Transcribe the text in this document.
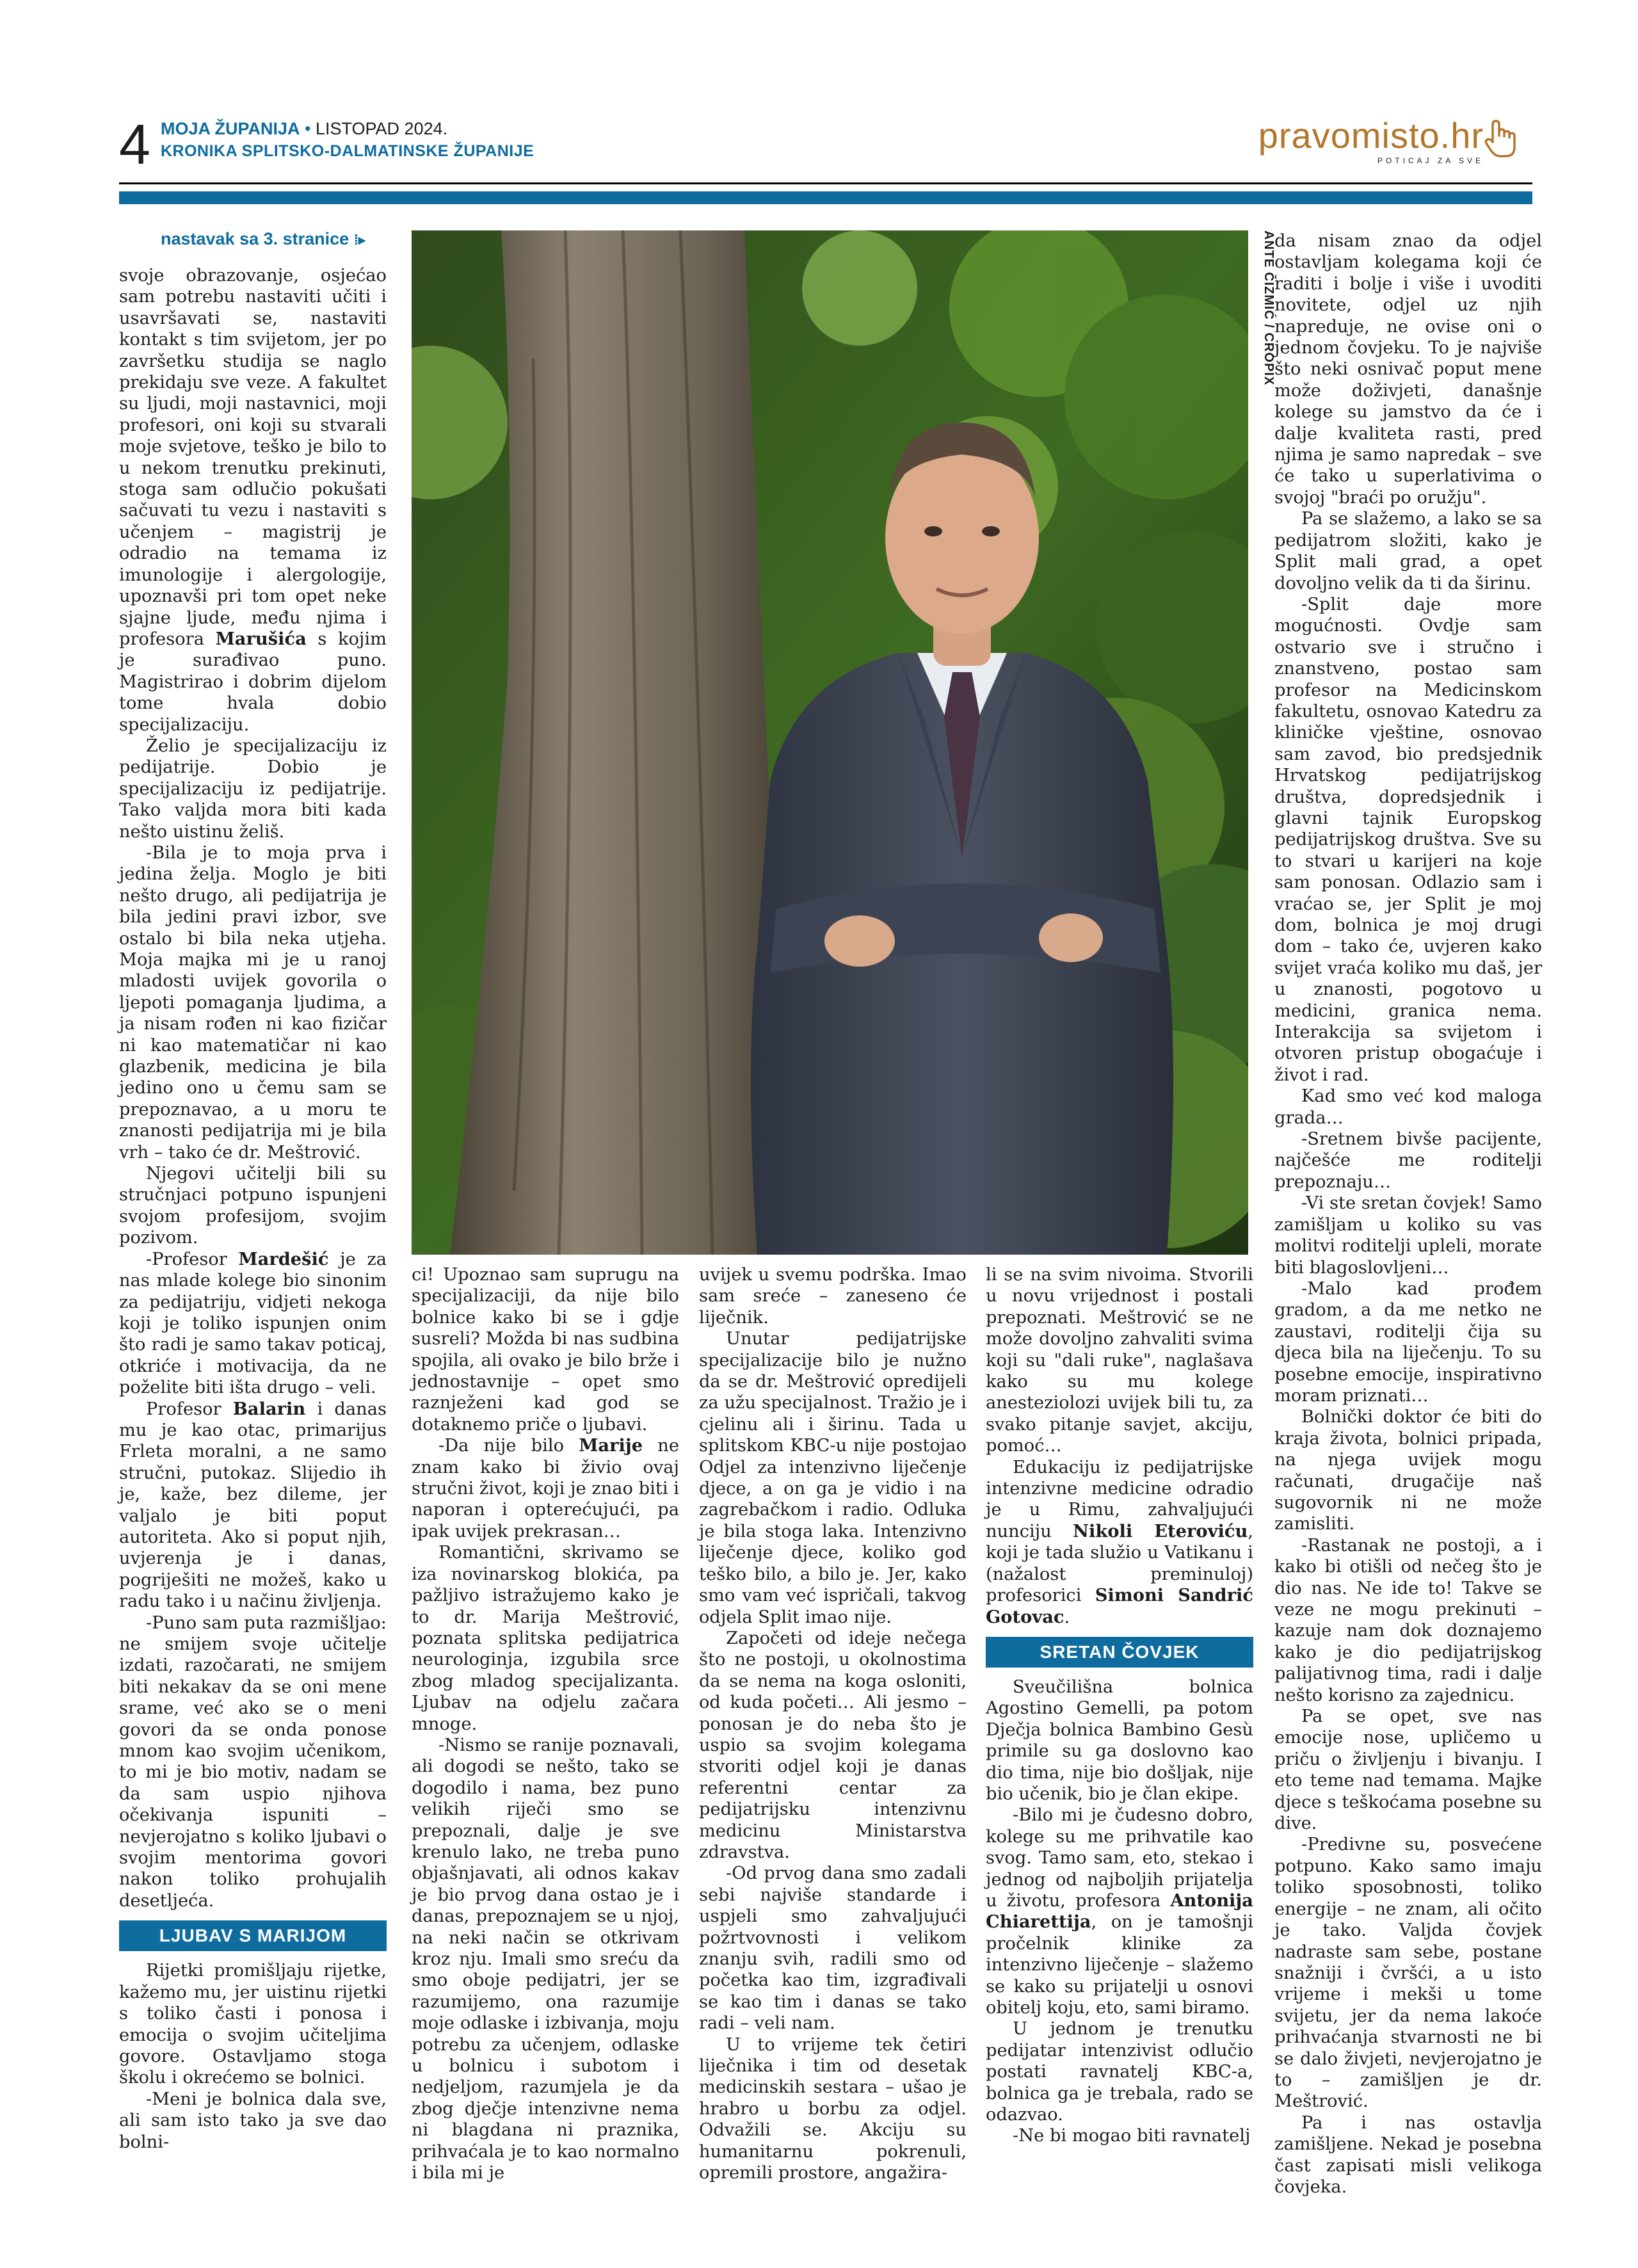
4 MOJA ŽUPANIJA • LISTOPAD 2024.
KRONIKA SPLITSKO-DALMATINSKE ŽUPANIJE	pravomisto.hr
POTICAJ ZA SVE
nastavak sa 3. stranice ⁞▸	ANTE ČIZMIĆ / CROPIX

svoje obrazovanje, osjećao sam potrebu nastaviti učiti i usavršavati se, nastaviti kontakt s tim svijetom, jer po završetku studija se naglo prekidaju sve veze. A fakultet su ljudi, moji nastavnici, moji profesori, oni koji su stvarali moje svjetove, teško je bilo to u nekom trenutku prekinuti, stoga sam odlučio pokušati sačuvati tu vezu i nastaviti s učenjem – magistrij je odradio na temama iz imunologije i alergologije, upoznavši pri tom opet neke sjajne ljude, među njima i profesora Marušića s kojim je surađivao puno. Magistrirao i dobrim dijelom tome hvala dobio specijalizaciju.

Želio je specijalizaciju iz pedijatrije. Dobio je specijalizaciju iz pedijatrije. Tako valjda mora biti kada nešto uistinu želiš.

-Bila je to moja prva i jedina želja. Moglo je biti nešto drugo, ali pedijatrija je bila jedini pravi izbor, sve ostalo bi bila neka utjeha. Moja majka mi je u ranoj mladosti uvijek govorila o ljepoti pomaganja ljudima, a ja nisam rođen ni kao fizičar ni kao matematičar ni kao glazbenik, medicina je bila jedino ono u čemu sam se prepoznavao, a u moru te znanosti pedijatrija mi je bila vrh – tako će dr. Meštrović.

Njegovi učitelji bili su stručnjaci potpuno ispunjeni svojom profesijom, svojim pozivom.

-Profesor Mardešić je za nas mlade kolege bio sinonim za pedijatriju, vidjeti nekoga koji je toliko ispunjen onim što radi je samo takav poticaj, otkriće i motivacija, da ne poželite biti išta drugo – veli.

Profesor Balarin i danas mu je kao otac, primarijus Frleta moralni, a ne samo stručni, putokaz. Slijedio ih je, kaže, bez dileme, jer valjalo je biti poput autoriteta. Ako si poput njih, uvjerenja je i danas, pogriješiti ne možeš, kako u radu tako i u načinu življenja.

-Puno sam puta razmišljao: ne smijem svoje učitelje izdati, razočarati, ne smijem biti nekakav da se oni mene srame, već ako se o meni govori da se onda ponose mnom kao svojim učenikom, to mi je bio motiv, nadam se da sam uspio njihova očekivanja ispuniti – nevjerojatno s koliko ljubavi o svojim mentorima govori nakon toliko prohujalih desetljeća.

LJUBAV S MARIJOM

Rijetki promišljaju rijetke, kažemo mu, jer uistinu rijetki s toliko časti i ponosa i emocija o svojim učiteljima govore. Ostavljamo stoga školu i okrećemo se bolnici.

-Meni je bolnica dala sve, ali sam isto tako ja sve dao bolni-

ci! Upoznao sam suprugu na specijalizaciji, da nije bilo bolnice kako bi se i gdje susreli? Možda bi nas sudbina spojila, ali ovako je bilo brže i jednostavnije – opet smo raznježeni kad god se dotaknemo priče o ljubavi.

-Da nije bilo Marije ne znam kako bi živio ovaj stručni život, koji je znao biti i naporan i opterećujući, pa ipak uvijek prekrasan…

Romantični, skrivamo se iza novinarskog blokića, pa pažljivo istražujemo kako je to dr. Marija Meštrović, poznata splitska pedijatrica neurologinja, izgubila srce zbog mladog specijalizanta. Ljubav na odjelu začara mnoge.

-Nismo se ranije poznavali, ali dogodi se nešto, tako se dogodilo i nama, bez puno velikih riječi smo se prepoznali, dalje je sve krenulo lako, ne treba puno objašnjavati, ali odnos kakav je bio prvog dana ostao je i danas, prepoznajem se u njoj, na neki način se otkrivam kroz nju. Imali smo sreću da smo oboje pedijatri, jer se razumijemo, ona razumije moje odlaske i izbivanja, moju potrebu za učenjem, odlaske u bolnicu i subotom i nedjeljom, razumjela je da zbog dječje intenzivne nema ni blagdana ni praznika, prihvaćala je to kao normalno i bila mi je

uvijek u svemu podrška. Imao sam sreće – zaneseno će liječnik.

Unutar pedijatrijske specijalizacije bilo je nužno da se dr. Meštrović opredijeli za užu specijalnost. Tražio je i cjelinu ali i širinu. Tada u splitskom KBC-u nije postojao Odjel za intenzivno liječenje djece, a on ga je vidio i na zagrebačkom i radio. Odluka je bila stoga laka. Intenzivno liječenje djece, koliko god teško bilo, a bilo je. Jer, kako smo vam već ispričali, takvog odjela Split imao nije.

Započeti od ideje nečega što ne postoji, u okolnostima da se nema na koga osloniti, od kuda početi… Ali jesmo – ponosan je do neba što je uspio sa svojim kolegama stvoriti odjel koji je danas referentni centar za pedijatrijsku intenzivnu medicinu Ministarstva zdravstva.

-Od prvog dana smo zadali sebi najviše standarde i uspjeli smo zahvaljujući požrtvovnosti i velikom znanju svih, radili smo od početka kao tim, izgrađivali se kao tim i danas se tako radi – veli nam.

U to vrijeme tek četiri liječnika i tim od desetak medicinskih sestara – ušao je hrabro u borbu za odjel. Odvažili se. Akciju su humanitarnu pokrenuli, opremili prostore, angažira-

li se na svim nivoima. Stvorili u novu vrijednost i postali prepoznati. Meštrović se ne može dovoljno zahvaliti svima koji su "dali ruke", naglašava kako su mu kolege anesteziolozi uvijek bili tu, za svako pitanje savjet, akciju, pomoć…

Edukaciju iz pedijatrijske intenzivne medicine odradio je u Rimu, zahvaljujući nunciju Nikoli Eteroviću, koji je tada služio u Vatikanu i (nažalost preminuloj) profesorici Simoni Sandrić Gotovac.

SRETAN ČOVJEK

Sveučilišna bolnica Agostino Gemelli, pa potom Dječja bolnica Bambino Gesù primile su ga doslovno kao dio tima, nije bio došljak, nije bio učenik, bio je član ekipe.

-Bilo mi je čudesno dobro, kolege su me prihvatile kao svog. Tamo sam, eto, stekao i jednog od najboljih prijatelja u životu, profesora Antonija Chiarettija, on je tamošnji pročelnik klinike za intenzivno liječenje – slažemo se kako su prijatelji u osnovi obitelj koju, eto, sami biramo.

U jednom je trenutku pedijatar intenzivist odlučio postati ravnatelj KBC-a, bolnica ga je trebala, rado se odazvao.

-Ne bi mogao biti ravnatelj

da nisam znao da odjel ostavljam kolegama koji će raditi i bolje i više i uvoditi novitete, odjel uz njih napreduje, ne ovise oni o jednom čovjeku. To je najviše što neki osnivač poput mene može doživjeti, današnje kolege su jamstvo da će i dalje kvaliteta rasti, pred njima je samo napredak – sve će tako u superlativima o svojoj "braći po oružju".

Pa se slažemo, a lako se sa pedijatrom složiti, kako je Split mali grad, a opet dovoljno velik da ti da širinu.

-Split daje more mogućnosti. Ovdje sam ostvario sve i stručno i znanstveno, postao sam profesor na Medicinskom fakultetu, osnovao Katedru za kliničke vještine, osnovao sam zavod, bio predsjednik Hrvatskog pedijatrijskog društva, dopredsjednik i glavni tajnik Europskog pedijatrijskog društva. Sve su to stvari u karijeri na koje sam ponosan. Odlazio sam i vraćao se, jer Split je moj dom, bolnica je moj drugi dom – tako će, uvjeren kako svijet vraća koliko mu daš, jer u znanosti, pogotovo u medicini, granica nema. Interakcija sa svijetom i otvoren pristup obogaćuje i život i rad.

Kad smo već kod maloga grada…

-Sretnem bivše pacijente, najčešće me roditelji prepoznaju…

-Vi ste sretan čovjek! Samo zamišljam u koliko su vas molitvi roditelji upleli, morate biti blagoslovljeni…

-Malo kad prođem gradom, a da me netko ne zaustavi, roditelji čija su djeca bila na liječenju. To su posebne emocije, inspirativno moram priznati…

Bolnički doktor će biti do kraja života, bolnici pripada, na njega uvijek mogu računati, drugačije naš sugovornik ni ne može zamisliti.

-Rastanak ne postoji, a i kako bi otišli od nečeg što je dio nas. Ne ide to! Takve se veze ne mogu prekinuti – kazuje nam dok doznajemo kako je dio pedijatrijskog palijativnog tima, radi i dalje nešto korisno za zajednicu.

Pa se opet, sve nas emocije nose, upličemo u priču o življenju i bivanju. I eto teme nad temama. Majke djece s teškoćama posebne su dive.

-Predivne su, posvećene potpuno. Kako samo imaju toliko sposobnosti, toliko energije – ne znam, ali očito je tako. Valjda čovjek nadraste sam sebe, postane snažniji i čvršći, a u isto vrijeme i mekši u tome svijetu, jer da nema lakoće prihvaćanja stvarnosti ne bi se dalo živjeti, nevjerojatno je to – zamišljen je dr. Meštrović.

Pa i nas ostavlja zamišljene. Nekad je posebna čast zapisati misli velikoga čovjeka.
